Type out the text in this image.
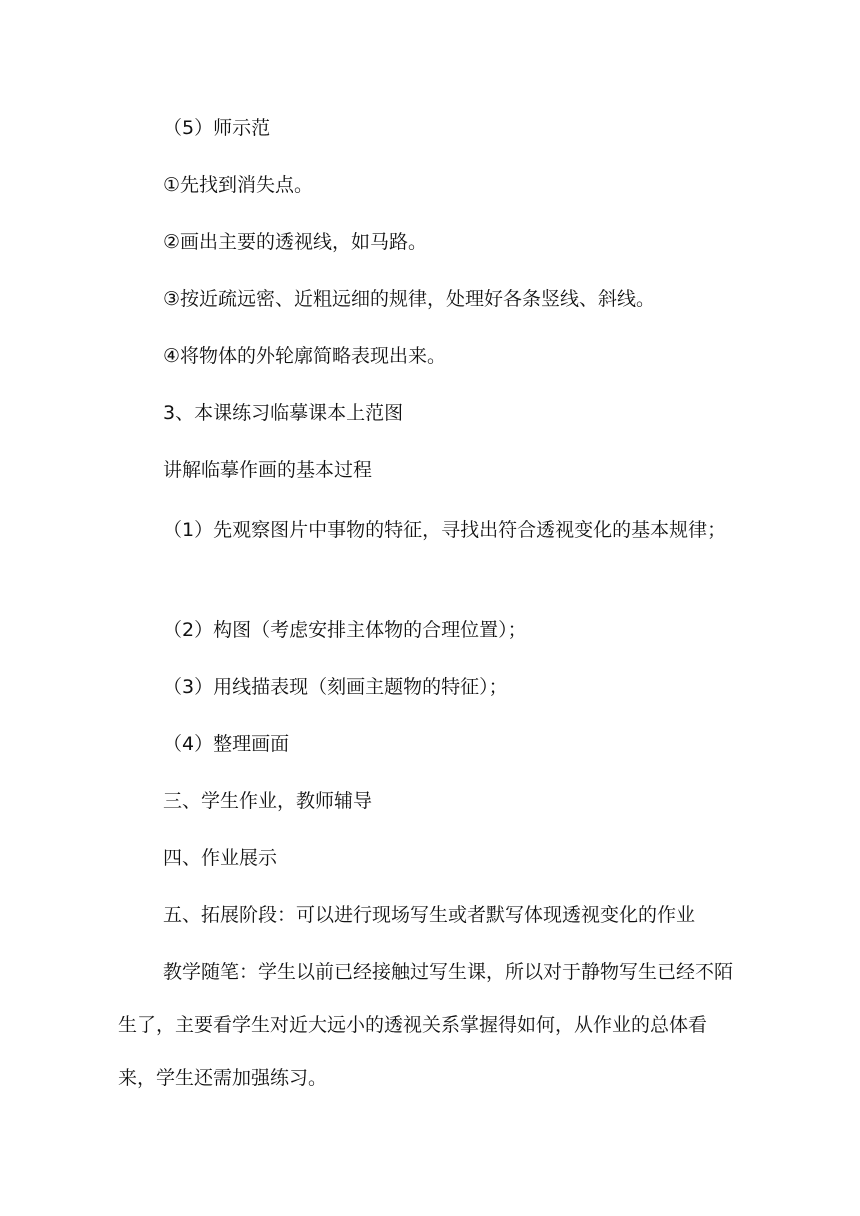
（5）师示范
①先找到消失点。
②画出主要的透视线，如马路。
③按近疏远密、近粗远细的规律，处理好各条竖线、斜线。
④将物体的外轮廓简略表现出来。
3、本课练习临摹课本上范图
讲解临摹作画的基本过程
（1）先观察图片中事物的特征，寻找出符合透视变化的基本规律；
（2）构图（考虑安排主体物的合理位置）；
（3）用线描表现（刻画主题物的特征）；
（4）整理画面
三、学生作业，教师辅导
四、作业展示
五、拓展阶段：可以进行现场写生或者默写体现透视变化的作业
教学随笔：学生以前已经接触过写生课，所以对于静物写生已经不陌生了，主要看学生对近大远小的透视关系掌握得如何，从作业的总体看来，学生还需加强练习。
